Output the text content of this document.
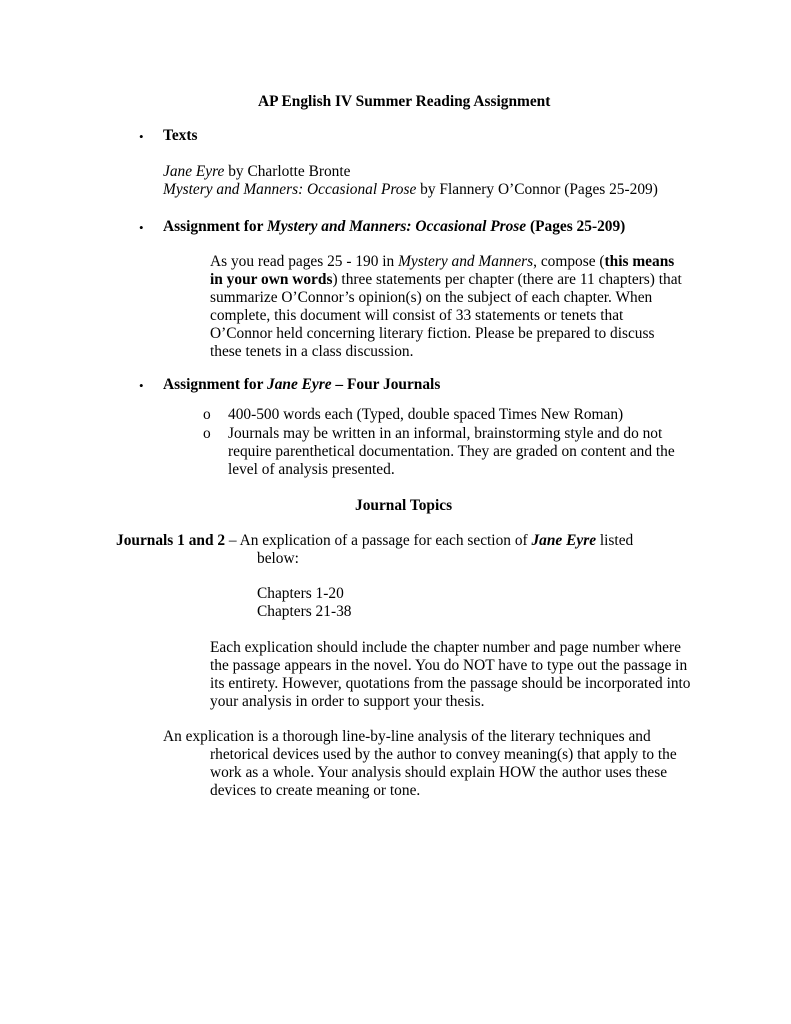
AP English IV Summer Reading Assignment
• Texts
Jane Eyre by Charlotte Bronte
Mystery and Manners: Occasional Prose by Flannery O’Connor (Pages 25-209)
• Assignment for Mystery and Manners: Occasional Prose (Pages 25-209)
As you read pages 25 - 190 in Mystery and Manners, compose (this means in your own words) three statements per chapter (there are 11 chapters) that summarize O’Connor’s opinion(s) on the subject of each chapter. When complete, this document will consist of 33 statements or tenets that O’Connor held concerning literary fiction. Please be prepared to discuss these tenets in a class discussion.
• Assignment for Jane Eyre – Four Journals
o 400-500 words each (Typed, double spaced Times New Roman)
o Journals may be written in an informal, brainstorming style and do not require parenthetical documentation. They are graded on content and the level of analysis presented.
Journal Topics
Journals 1 and 2 – An explication of a passage for each section of Jane Eyre listed
below:
Chapters 1-20
Chapters 21-38
Each explication should include the chapter number and page number where the passage appears in the novel. You do NOT have to type out the passage in its entirety. However, quotations from the passage should be incorporated into your analysis in order to support your thesis.
An explication is a thorough line-by-line analysis of the literary techniques and
rhetorical devices used by the author to convey meaning(s) that apply to the work as a whole. Your analysis should explain HOW the author uses these devices to create meaning or tone.
